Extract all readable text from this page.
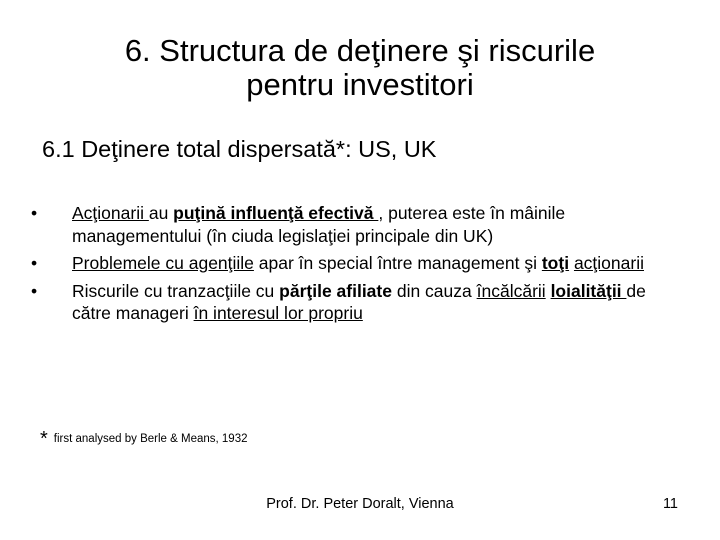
6. Structura de deţinere şi riscurile
pentru investitori
6.1 Deţinere total dispersată*: US, UK
• Acţionarii au puţină influenţă efectivă , puterea este în mâinile managementului (în ciuda legislaţiei principale din UK)
• Problemele cu agenţiile apar în special între management şi toţi acţionarii
• Riscurile cu tranzacţiile cu părţile afiliate din cauza încălcării loialităţii de către manageri în interesul lor propriu
* first analysed by Berle & Means, 1932
Prof. Dr. Peter Doralt, Vienna	11
